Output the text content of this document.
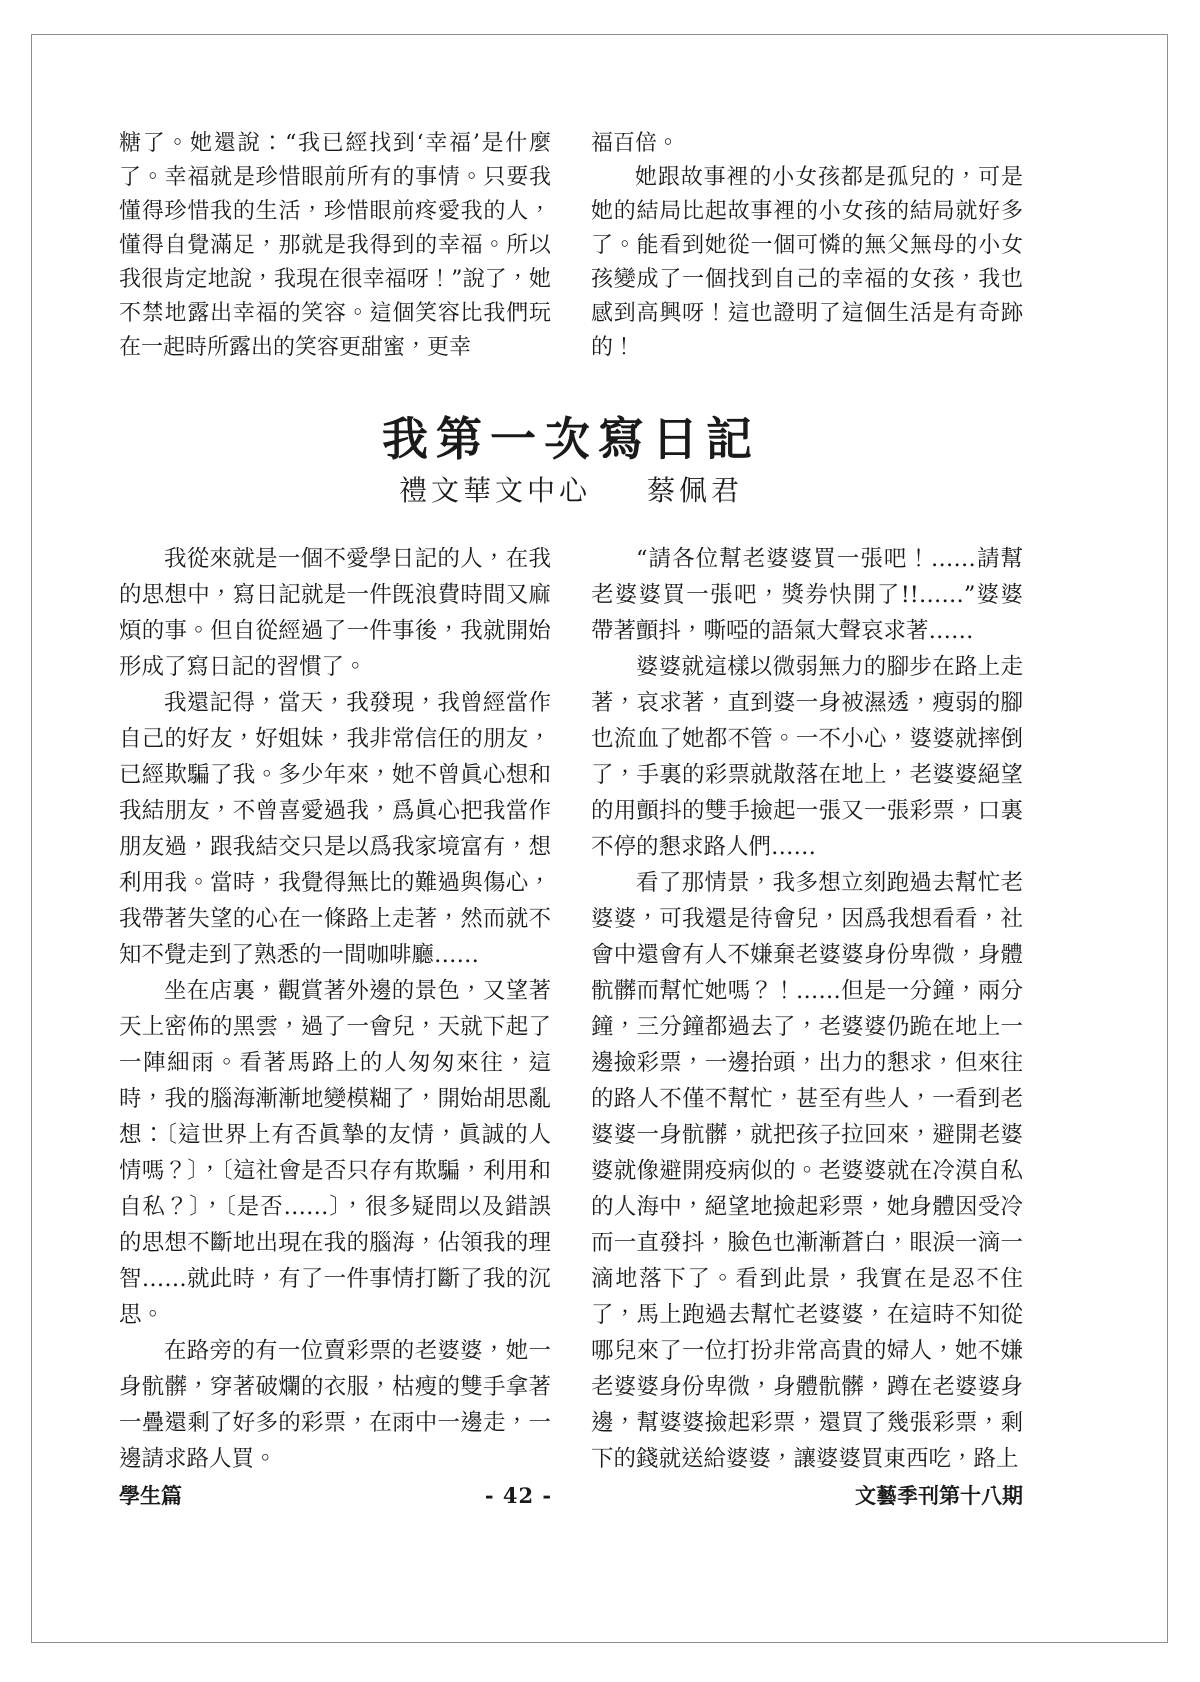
糖了。她還說：“我已經找到‘幸福’是什麼了。幸福就是珍惜眼前所有的事情。只要我懂得珍惜我的生活，珍惜眼前疼愛我的人，懂得自覺滿足，那就是我得到的幸福。所以我很肯定地說，我現在很幸福呀！”說了，她不禁地露出幸福的笑容。這個笑容比我們玩在一起時所露出的笑容更甜蜜，更幸

福百倍。

她跟故事裡的小女孩都是孤兒的，可是她的結局比起故事裡的小女孩的結局就好多了。能看到她從一個可憐的無父無母的小女孩變成了一個找到自己的幸福的女孩，我也感到高興呀！這也證明了這個生活是有奇跡的！

我第一次寫日記
禮文華文中心 蔡佩君

我從來就是一個不愛學日記的人，在我的思想中，寫日記就是一件旣浪費時間又麻煩的事。但自從經過了一件事後，我就開始形成了寫日記的習慣了。

我還記得，當天，我發現，我曾經當作自己的好友，好姐妹，我非常信任的朋友，已經欺騙了我。多少年來，她不曾眞心想和我結朋友，不曾喜愛過我，爲眞心把我當作朋友過，跟我結交只是以爲我家境富有，想利用我。當時，我覺得無比的難過與傷心，我帶著失望的心在一條路上走著，然而就不知不覺走到了熟悉的一間咖啡廳……

坐在店裏，觀賞著外邊的景色，又望著天上密佈的黑雲，過了一會兒，天就下起了一陣細雨。看著馬路上的人匆匆來往，這時，我的腦海漸漸地變模糊了，開始胡思亂想：〔這世界上有否眞摯的友情，眞誠的人情嗎？〕，〔這社會是否只存有欺騙，利用和自私？〕，〔是否……〕，很多疑問以及錯誤的思想不斷地出現在我的腦海，佔領我的理智……就此時，有了一件事情打斷了我的沉思。

在路旁的有一位賣彩票的老婆婆，她一身骯髒，穿著破爛的衣服，枯瘦的雙手拿著一疊還剩了好多的彩票，在雨中一邊走，一邊請求路人買。

“請各位幫老婆婆買一張吧！……請幫老婆婆買一張吧，獎券快開了!!……”婆婆帶著顫抖，嘶啞的語氣大聲哀求著……

婆婆就這樣以微弱無力的腳步在路上走著，哀求著，直到婆一身被濕透，瘦弱的腳也流血了她都不管。一不小心，婆婆就摔倒了，手裏的彩票就散落在地上，老婆婆絕望的用顫抖的雙手撿起一張又一張彩票，口裏不停的懇求路人們……

看了那情景，我多想立刻跑過去幫忙老婆婆，可我還是待會兒，因爲我想看看，社會中還會有人不嫌棄老婆婆身份卑微，身體骯髒而幫忙她嗎？！……但是一分鐘，兩分鐘，三分鐘都過去了，老婆婆仍跪在地上一邊撿彩票，一邊抬頭，出力的懇求，但來往的路人不僅不幫忙，甚至有些人，一看到老婆婆一身骯髒，就把孩子拉回來，避開老婆婆就像避開疫病似的。老婆婆就在冷漠自私的人海中，絕望地撿起彩票，她身體因受冷而一直發抖，臉色也漸漸蒼白，眼淚一滴一滴地落下了。看到此景，我實在是忍不住了，馬上跑過去幫忙老婆婆，在這時不知從哪兒來了一位打扮非常高貴的婦人，她不嫌老婆婆身份卑微，身體骯髒，蹲在老婆婆身邊，幫婆婆撿起彩票，還買了幾張彩票，剩下的錢就送給婆婆，讓婆婆買東西吃，路上

學生篇	- 42 -	文藝季刊第十八期
